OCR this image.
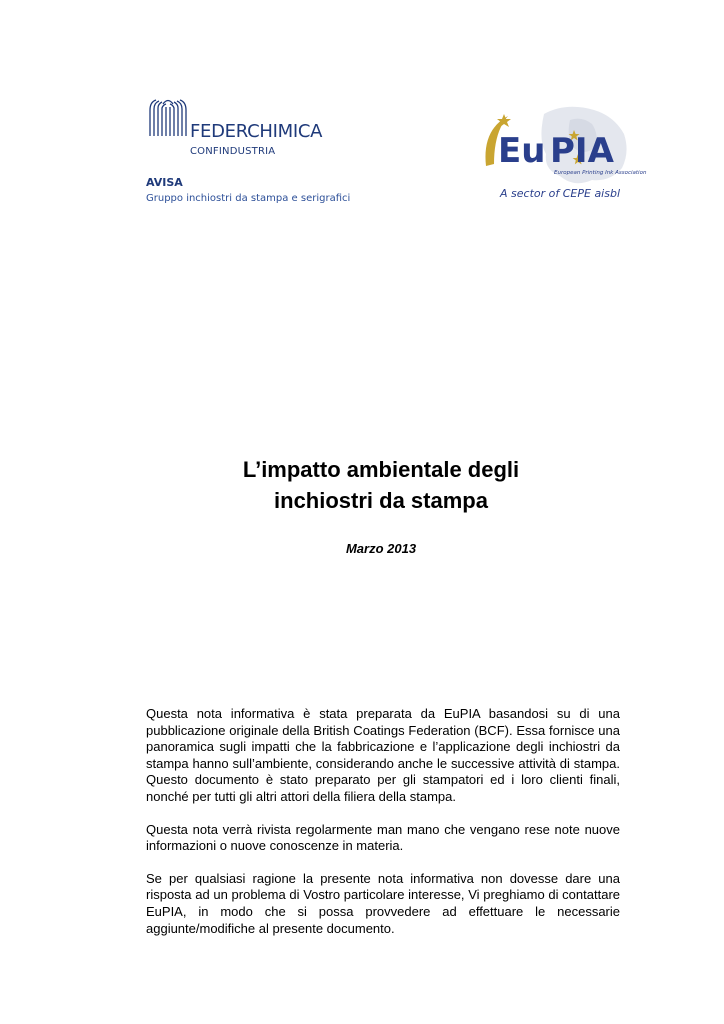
FEDERCHIMICA
CONFINDUSTRIA
AVISA
Gruppo inchiostri da stampa e serigrafici
Eu PIA
European Printing Ink Association
A sector of CEPE aisbl
L’impatto ambientale degli
inchiostri da stampa
Marzo 2013

Questa nota informativa è stata preparata da EuPIA basandosi su di una pubblicazione originale della British Coatings Federation (BCF). Essa fornisce una panoramica sugli impatti che la fabbricazione e l’applicazione degli inchiostri da stampa hanno sull’ambiente, considerando anche le successive attività di stampa. Questo documento è stato preparato per gli stampatori ed i loro clienti finali, nonché per tutti gli altri attori della filiera della stampa.

Questa nota verrà rivista regolarmente man mano che vengano rese note nuove informazioni o nuove conoscenze in materia.

Se per qualsiasi ragione la presente nota informativa non dovesse dare una risposta ad un problema di Vostro particolare interesse, Vi preghiamo di contattare EuPIA, in modo che si possa provvedere ad effettuare le necessarie aggiunte/modifiche al presente documento.
